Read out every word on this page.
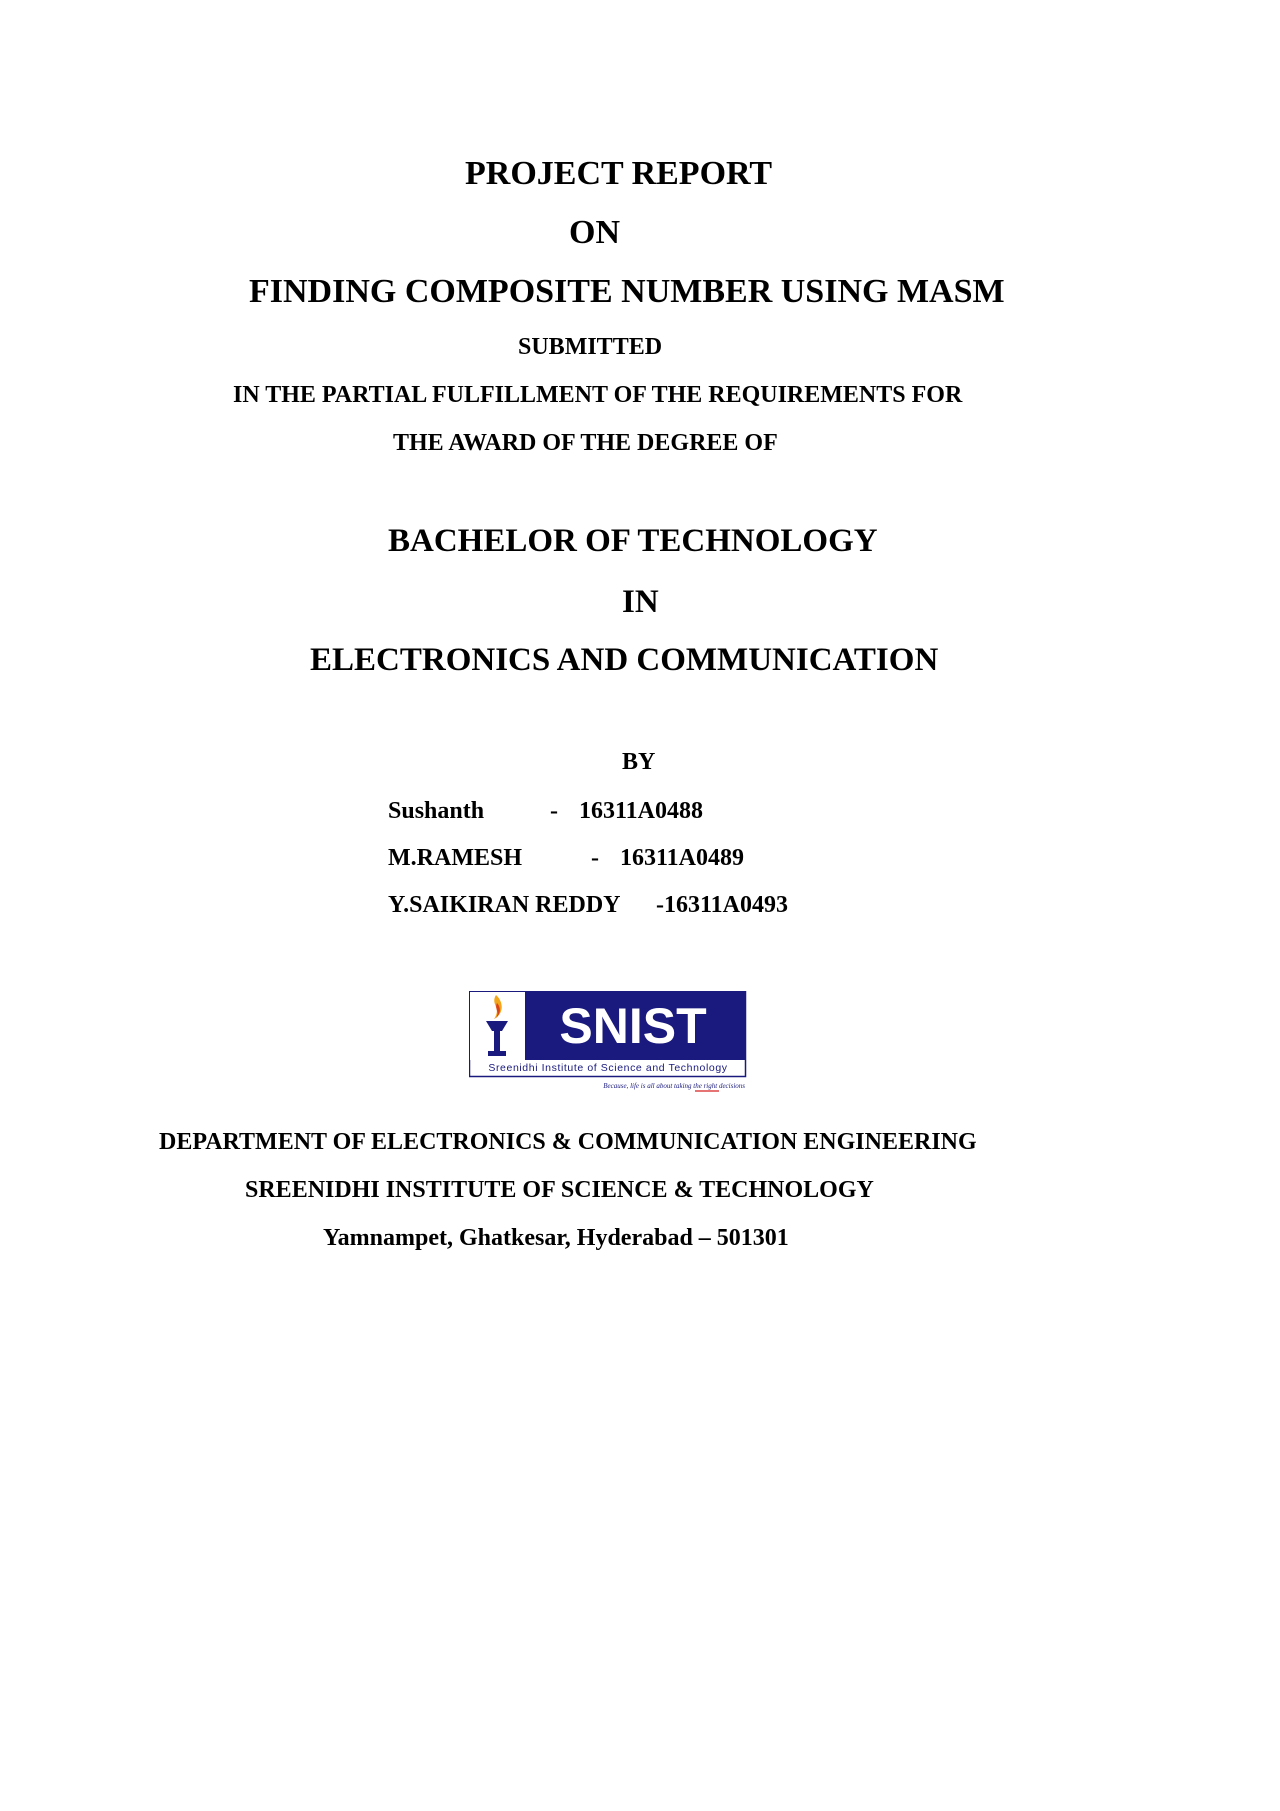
PROJECT REPORT
ON
FINDING COMPOSITE NUMBER USING MASM
SUBMITTED
IN THE PARTIAL FULFILLMENT OF THE REQUIREMENTS FOR
THE AWARD OF THE DEGREE OF
BACHELOR OF TECHNOLOGY
IN
ELECTRONICS AND COMMUNICATION
BY
Sushanth	- 16311A0488
M.RAMESH	- 16311A0489
Y.SAIKIRAN REDDY -16311A0493
SNIST
Sreenidhi Institute of Science and Technology
Because, life is all about taking the right decisions
DEPARTMENT OF ELECTRONICS & COMMUNICATION ENGINEERING
SREENIDHI INSTITUTE OF SCIENCE & TECHNOLOGY
Yamnampet, Ghatkesar, Hyderabad – 501301
